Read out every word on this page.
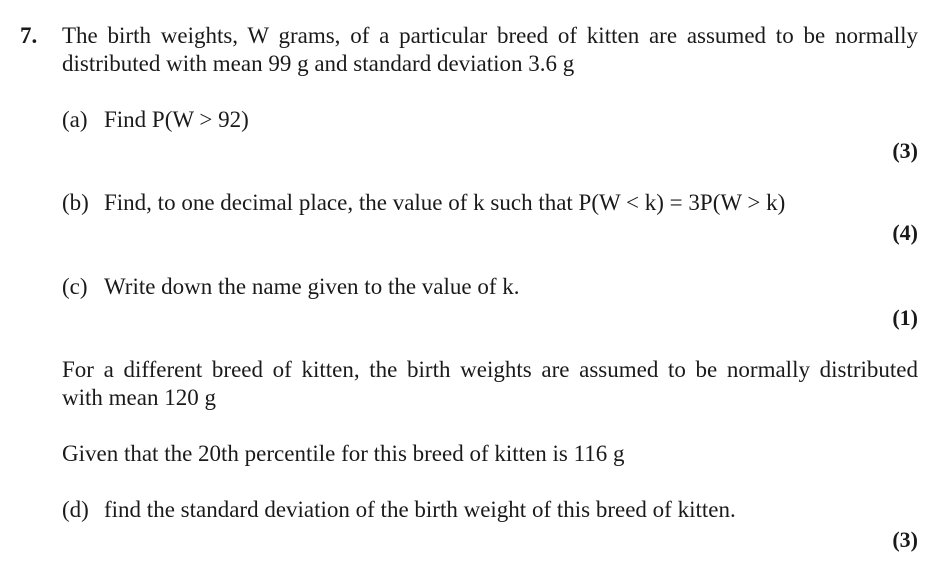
7. The birth weights, W grams, of a particular breed of kitten are assumed to be normally
distributed with mean 99 g and standard deviation 3.6 g
(a) Find P(W > 92)
(3)
(b) Find, to one decimal place, the value of k such that P(W < k) = 3P(W > k)
(4)
(c) Write down the name given to the value of k.
(1)
For a different breed of kitten, the birth weights are assumed to be normally distributed
with mean 120 g
Given that the 20th percentile for this breed of kitten is 116 g
(d) find the standard deviation of the birth weight of this breed of kitten.
(3)
